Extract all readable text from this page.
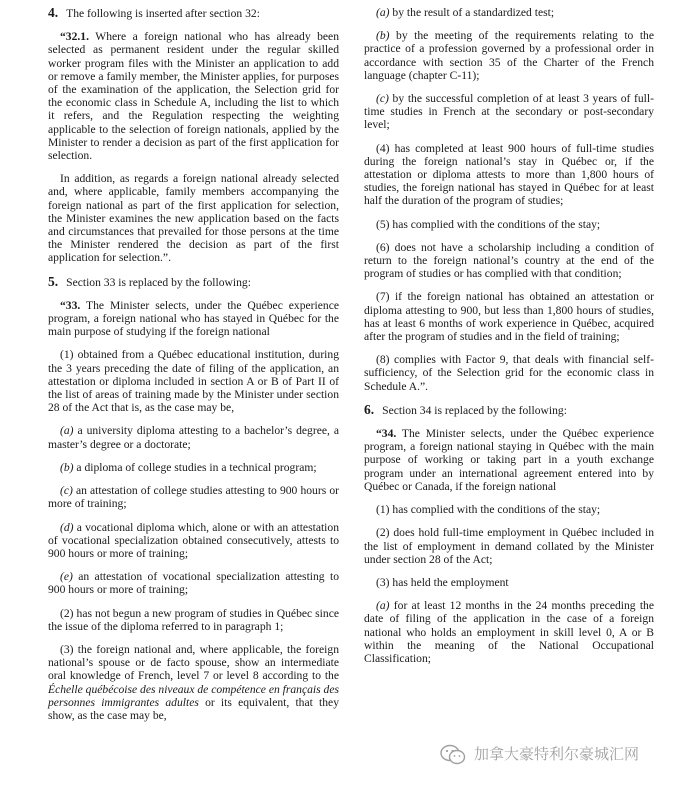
4. The following is inserted after section 32:

“32.1. Where a foreign national who has already been selected as permanent resident under the regular skilled worker program files with the Minister an application to add or remove a family member, the Minister applies, for purposes of the examination of the application, the Selection grid for the economic class in Schedule A, including the list to which it refers, and the Regulation respecting the weighting applicable to the selection of foreign nationals, applied by the Minister to render a decision as part of the first application for selection.

In addition, as regards a foreign national already selected and, where applicable, family members accompanying the foreign national as part of the first application for selection, the Minister examines the new application based on the facts and circumstances that prevailed for those persons at the time the Minister rendered the decision as part of the first application for selection.”.

5. Section 33 is replaced by the following:

“33. The Minister selects, under the Québec experience program, a foreign national who has stayed in Québec for the main purpose of studying if the foreign national

(1) obtained from a Québec educational institution, during the 3 years preceding the date of filing of the application, an attestation or diploma included in section A or B of Part II of the list of areas of training made by the Minister under section 28 of the Act that is, as the case may be,

(a) a university diploma attesting to a bachelor’s degree, a master’s degree or a doctorate;

(b) a diploma of college studies in a technical program;

(c) an attestation of college studies attesting to 900 hours or more of training;

(d) a vocational diploma which, alone or with an attestation of vocational specialization obtained consecutively, attests to 900 hours or more of training;

(e) an attestation of vocational specialization attesting to 900 hours or more of training;

(2) has not begun a new program of studies in Québec since the issue of the diploma referred to in paragraph 1;

(3) the foreign national and, where applicable, the foreign national’s spouse or de facto spouse, show an intermediate oral knowledge of French, level 7 or level 8 according to the Échelle québécoise des niveaux de compétence en français des personnes immigrantes adultes or its equivalent, that they show, as the case may be,

(a) by the result of a standardized test;

(b) by the meeting of the requirements relating to the practice of a profession governed by a professional order in accordance with section 35 of the Charter of the French language (chapter C-11);

(c) by the successful completion of at least 3 years of full-time studies in French at the secondary or post-secondary level;

(4) has completed at least 900 hours of full-time studies during the foreign national’s stay in Québec or, if the attestation or diploma attests to more than 1,800 hours of studies, the foreign national has stayed in Québec for at least half the duration of the program of studies;

(5) has complied with the conditions of the stay;

(6) does not have a scholarship including a condition of return to the foreign national’s country at the end of the program of studies or has complied with that condition;

(7) if the foreign national has obtained an attestation or diploma attesting to 900, but less than 1,800 hours of studies, has at least 6 months of work experience in Québec, acquired after the program of studies and in the field of training;

(8) complies with Factor 9, that deals with financial self-sufficiency, of the Selection grid for the economic class in Schedule A.”.

6. Section 34 is replaced by the following:

“34. The Minister selects, under the Québec experience program, a foreign national staying in Québec with the main purpose of working or taking part in a youth exchange program under an international agreement entered into by Québec or Canada, if the foreign national

(1) has complied with the conditions of the stay;

(2) does hold full-time employment in Québec included in the list of employment in demand collated by the Minister under section 28 of the Act;

(3) has held the employment

(a) for at least 12 months in the 24 months preceding the date of filing of the application in the case of a foreign national who holds an employment in skill level 0, A or B within the meaning of the National Occupational Classification;

加拿大豪特利尔豪城汇网
